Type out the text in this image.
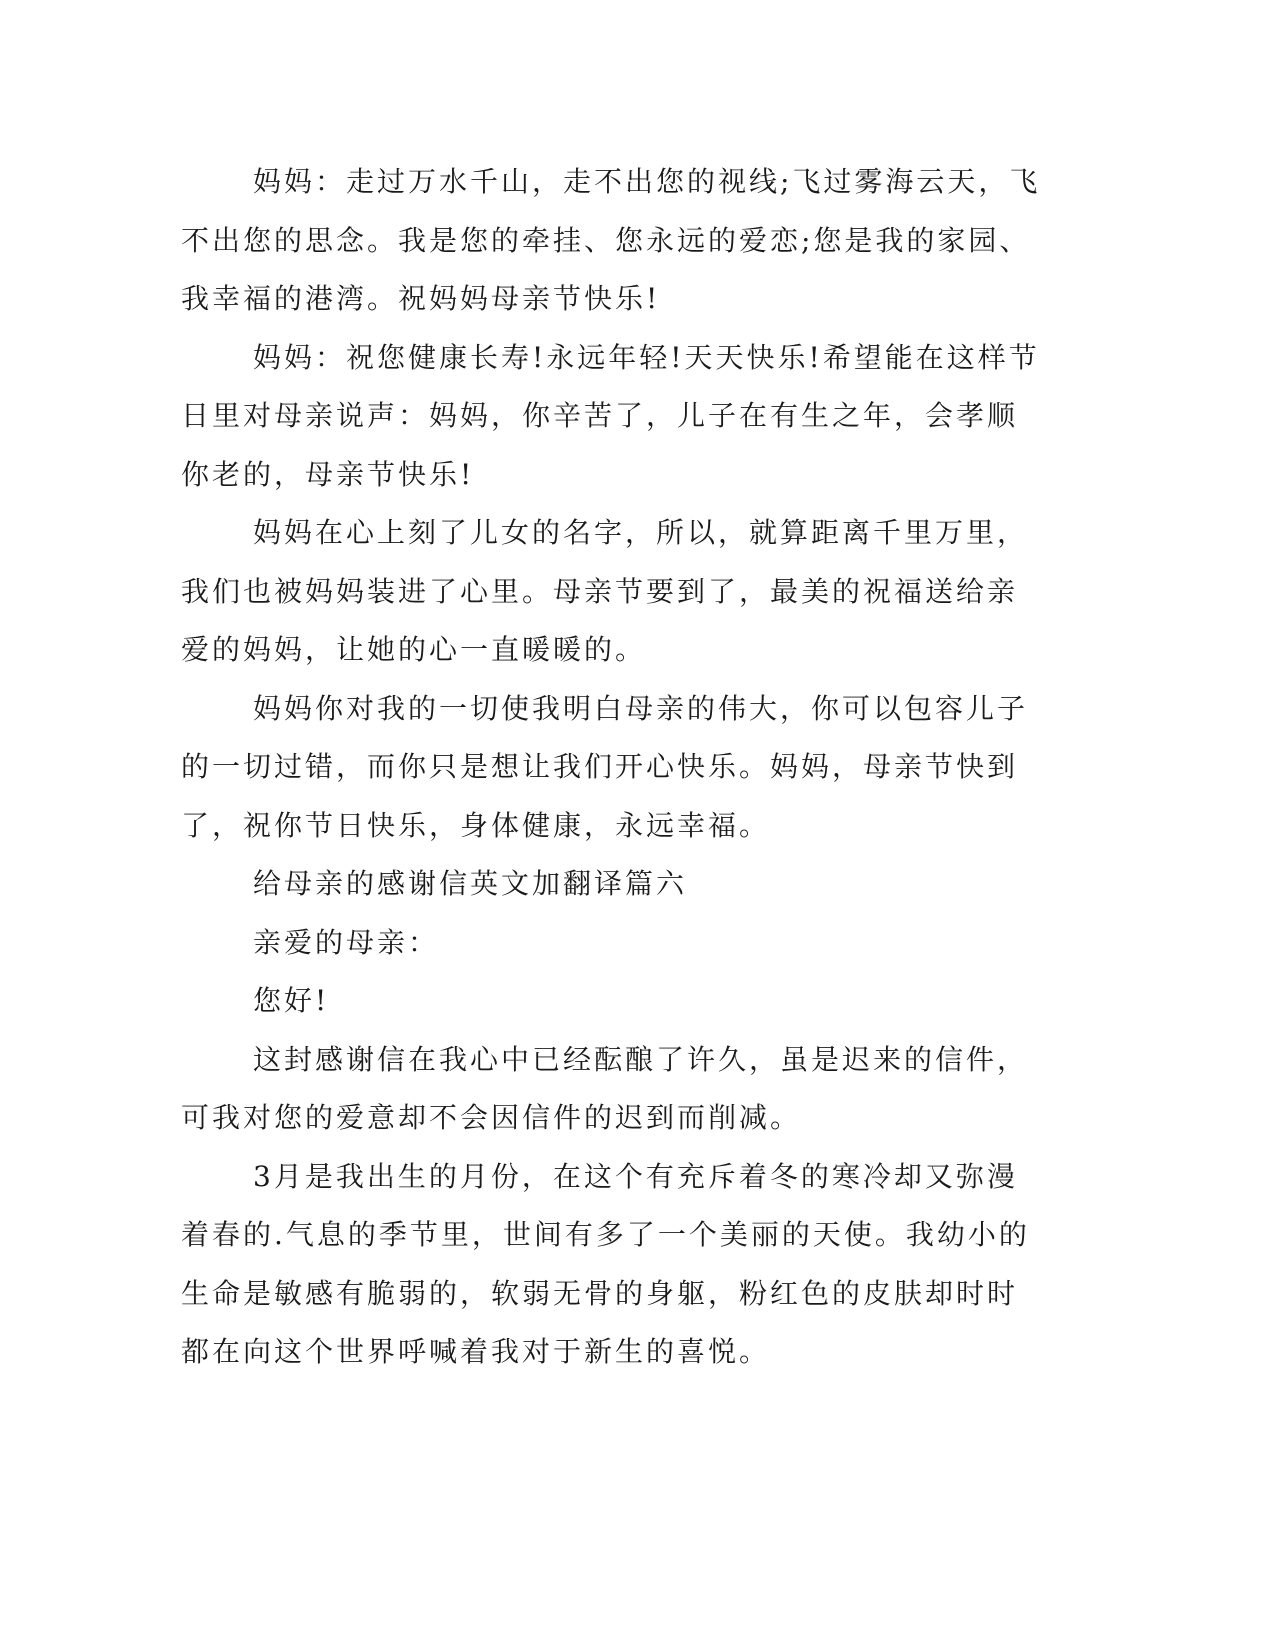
妈妈：走过万水千山，走不出您的视线;飞过雾海云天，飞不出您的思念。我是您的牵挂、您永远的爱恋;您是我的家园、我幸福的港湾。祝妈妈母亲节快乐!

妈妈：祝您健康长寿!永远年轻!天天快乐!希望能在这样节日里对母亲说声：妈妈，你辛苦了，儿子在有生之年，会孝顺你老的，母亲节快乐!

妈妈在心上刻了儿女的名字，所以，就算距离千里万里，我们也被妈妈装进了心里。母亲节要到了，最美的祝福送给亲爱的妈妈，让她的心一直暖暖的。

妈妈你对我的一切使我明白母亲的伟大，你可以包容儿子的一切过错，而你只是想让我们开心快乐。妈妈，母亲节快到了，祝你节日快乐，身体健康，永远幸福。

给母亲的感谢信英文加翻译篇六

亲爱的母亲：

您好!

这封感谢信在我心中已经酝酿了许久，虽是迟来的信件，可我对您的爱意却不会因信件的迟到而削减。

3月是我出生的月份，在这个有充斥着冬的寒冷却又弥漫着春的.气息的季节里，世间有多了一个美丽的天使。我幼小的生命是敏感有脆弱的，软弱无骨的身躯，粉红色的皮肤却时时都在向这个世界呼喊着我对于新生的喜悦。
